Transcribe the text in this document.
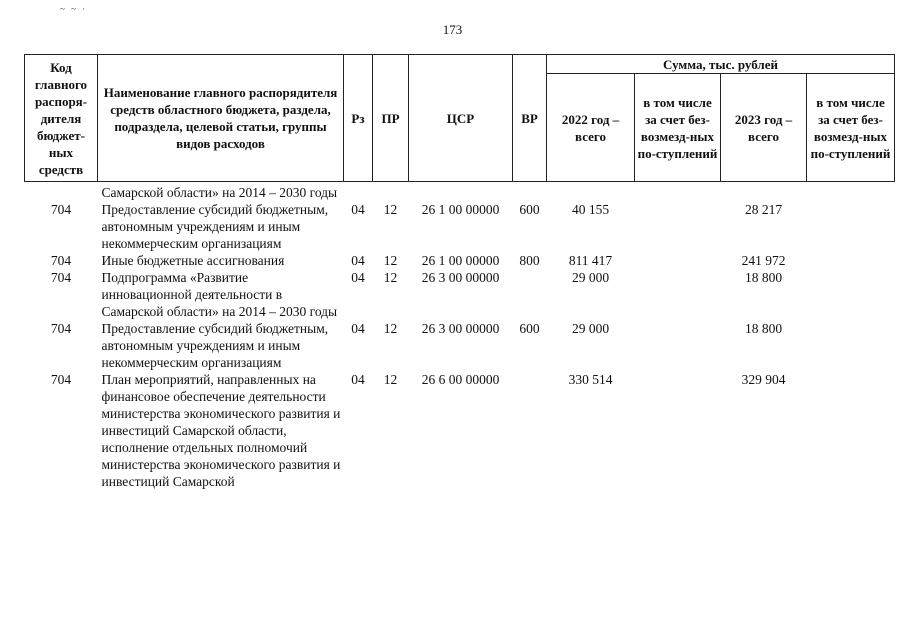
~ ~ ·
173
Код главного распоря-дителя бюджет-ных средств	Наименование главного распорядителя средств областного бюджета, раздела, подраздела, целевой статьи, группы видов расходов	Рз	ПР	ЦСР	ВР	Сумма, тыс. рублей			
						2022 год – всего	в том числе за счет без-возмезд-ных по-ступлений	2023 год – всего	в том числе за счет без-возмезд-ных по-ступлений
	Самарской области» на 2014 – 2030 годы								
704	Предоставление субсидий бюджетным, автономным учреждениям и иным некоммерческим организациям	04	12	26 1 00 00000	600	40 155		28 217	
704	Иные бюджетные ассигнования	04	12	26 1 00 00000	800	811 417		241 972	
704	Подпрограмма «Развитие инновационной деятельности в Самарской области» на 2014 – 2030 годы	04	12	26 3 00 00000		29 000		18 800	
704	Предоставление субсидий бюджетным, автономным учреждениям и иным некоммерческим организациям	04	12	26 3 00 00000	600	29 000		18 800	
704	План мероприятий, направленных на финансовое обеспечение деятельности министерства экономического развития и инвестиций Самарской области, исполнение отдельных полномочий министерства экономического развития и инвестиций Самарской	04	12	26 6 00 00000		330 514		329 904	
